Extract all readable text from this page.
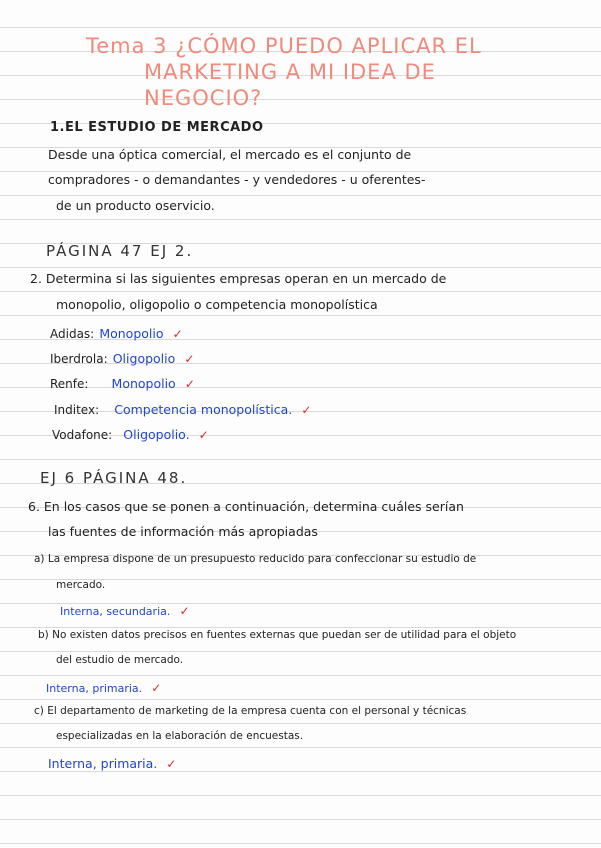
Tema 3 ¿CÓMO PUEDO APLICAR EL
MARKETING A MI IDEA DE
NEGOCIO?
1.EL ESTUDIO DE MERCADO
Desde una óptica comercial, el mercado es el conjunto de
compradores - o demandantes - y vendedores - u oferentes-
de un producto oservicio.
PÁGINA 47 EJ 2.
2. Determina si las siguientes empresas operan en un mercado de
monopolio, oligopolio o competencia monopolística
Adidas: Monopolio ✓
Iberdrola: Oligopolio ✓
Renfe: Monopolio ✓
Inditex: Competencia monopolística. ✓
Vodafone: Oligopolio. ✓
EJ 6 PÁGINA 48.
6. En los casos que se ponen a continuación, determina cuáles serían
las fuentes de información más apropiadas
a) La empresa dispone de un presupuesto reducido para confeccionar su estudio de
mercado.
Interna, secundaria. ✓
b) No existen datos precisos en fuentes externas que puedan ser de utilidad para el objeto
del estudio de mercado.
Interna, primaria. ✓
c) El departamento de marketing de la empresa cuenta con el personal y técnicas
especializadas en la elaboración de encuestas.
Interna, primaria. ✓
